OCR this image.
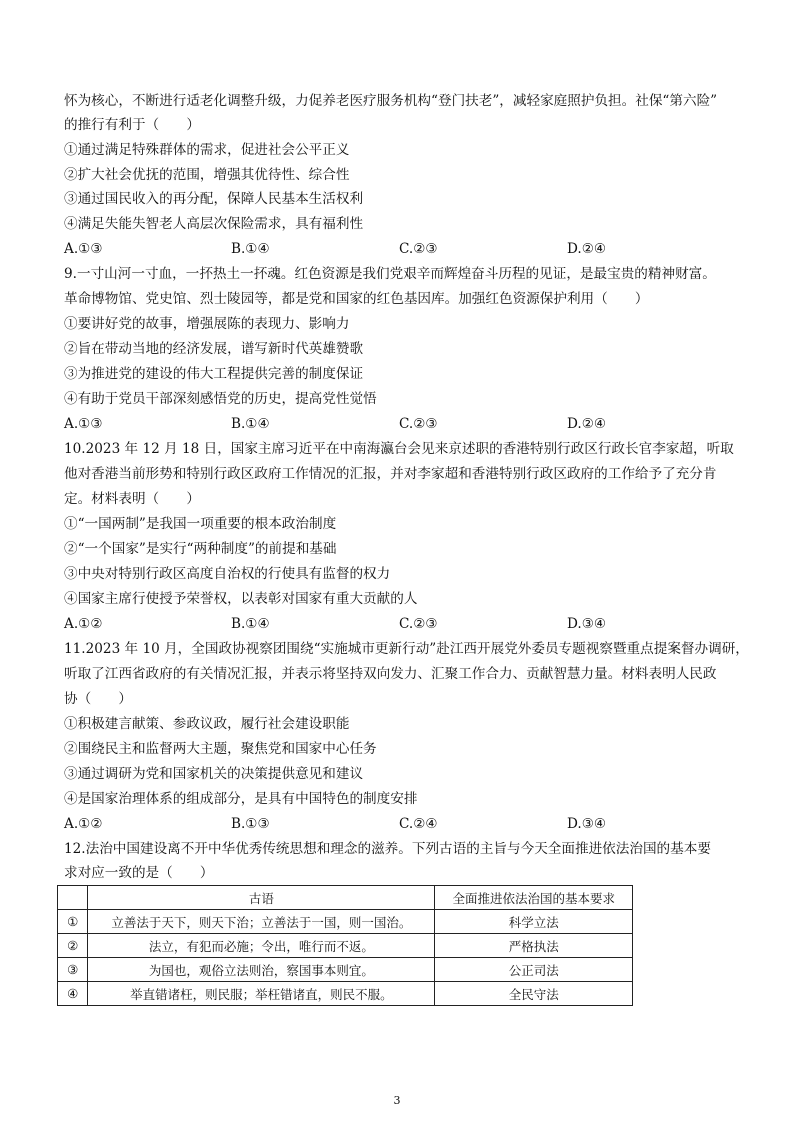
怀为核心，不断进行适老化调整升级，力促养老医疗服务机构“登门扶老”，减轻家庭照护负担。社保“第六险”
的推行有利于（　　）
①通过满足特殊群体的需求，促进社会公平正义
②扩大社会优抚的范围，增强其优待性、综合性
③通过国民收入的再分配，保障人民基本生活权利
④满足失能失智老人高层次保险需求，具有福利性
A.①③	B.①④	C.②③	D.②④
9.一寸山河一寸血，一抔热土一抔魂。红色资源是我们党艰辛而辉煌奋斗历程的见证，是最宝贵的精神财富。
革命博物馆、党史馆、烈士陵园等，都是党和国家的红色基因库。加强红色资源保护利用（　　）
①要讲好党的故事，增强展陈的表现力、影响力
②旨在带动当地的经济发展，谱写新时代英雄赞歌
③为推进党的建设的伟大工程提供完善的制度保证
④有助于党员干部深刻感悟党的历史，提高党性觉悟
A.①③	B.①④	C.②③	D.②④
10.2023 年 12 月 18 日，国家主席习近平在中南海瀛台会见来京述职的香港特别行政区行政长官李家超，听取
他对香港当前形势和特别行政区政府工作情况的汇报，并对李家超和香港特别行政区政府的工作给予了充分肯
定。材料表明（　　）
①“一国两制”是我国一项重要的根本政治制度
②“一个国家”是实行“两种制度”的前提和基础
③中央对特别行政区高度自治权的行使具有监督的权力
④国家主席行使授予荣誉权，以表彰对国家有重大贡献的人
A.①②	B.①④	C.②③	D.③④
11.2023 年 10 月，全国政协视察团围绕“实施城市更新行动”赴江西开展党外委员专题视察暨重点提案督办调研，
听取了江西省政府的有关情况汇报，并表示将坚持双向发力、汇聚工作合力、贡献智慧力量。材料表明人民政
协（　　）
①积极建言献策、参政议政，履行社会建设职能
②围绕民主和监督两大主题，聚焦党和国家中心任务
③通过调研为党和国家机关的决策提供意见和建议
④是国家治理体系的组成部分，是具有中国特色的制度安排
A.①②	B.①③	C.②④	D.③④
12.法治中国建设离不开中华优秀传统思想和理念的滋养。下列古语的主旨与今天全面推进依法治国的基本要
求对应一致的是（　　）
	古语	全面推进依法治国的基本要求
①	立善法于天下，则天下治；立善法于一国，则一国治。	科学立法
②	法立，有犯而必施；令出，唯行而不返。	严格执法
③	为国也，观俗立法则治，察国事本则宜。	公正司法
④	举直错诸枉，则民服；举枉错诸直，则民不服。	全民守法
3
